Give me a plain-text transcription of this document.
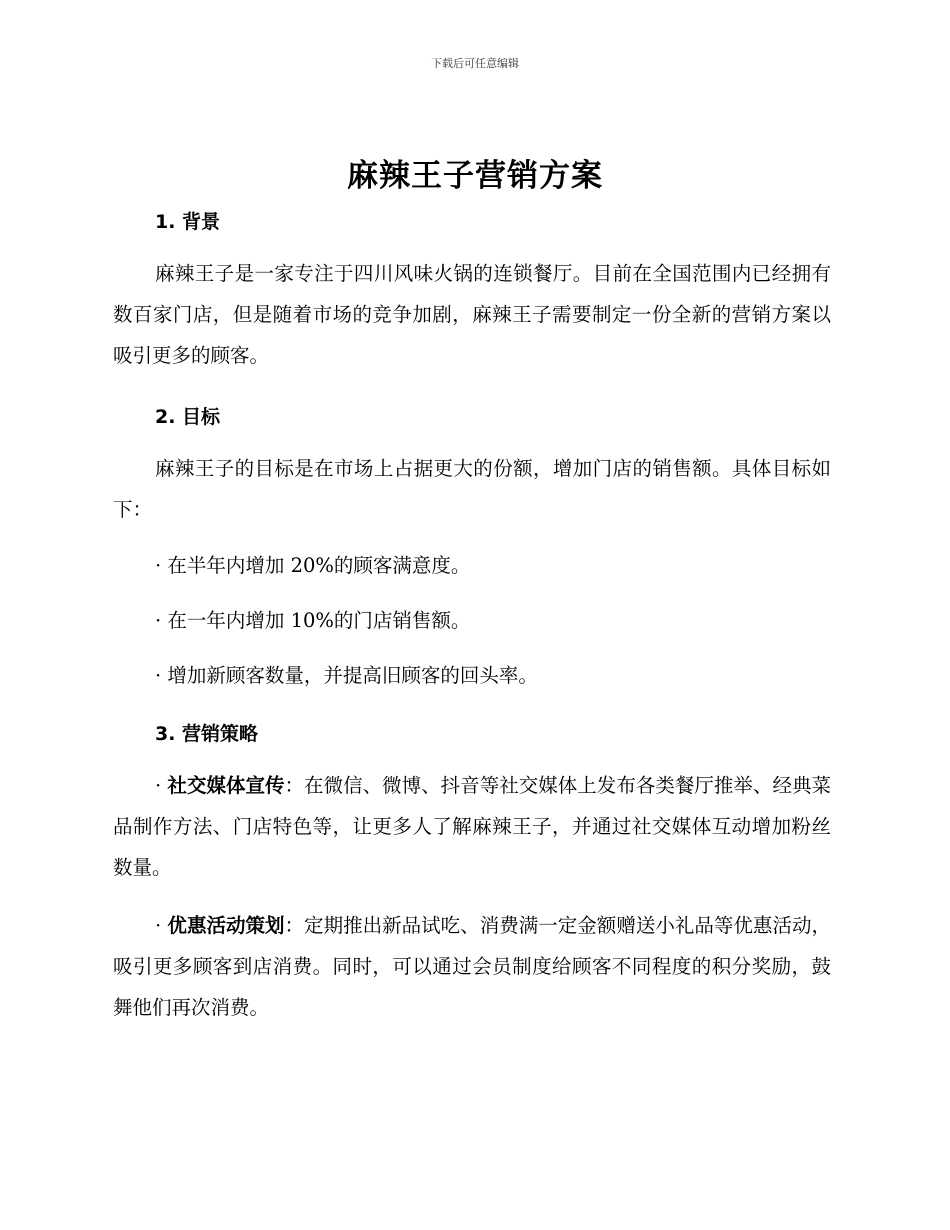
下载后可任意编辑
麻辣王子营销方案
1. 背景
麻辣王子是一家专注于四川风味火锅的连锁餐厅。目前在全国范围内已经拥有数百家门店，但是随着市场的竞争加剧，麻辣王子需要制定一份全新的营销方案以吸引更多的顾客。
2. 目标
麻辣王子的目标是在市场上占据更大的份额，增加门店的销售额。具体目标如下：
· 在半年内增加 20%的顾客满意度。
· 在一年内增加 10%的门店销售额。
· 增加新顾客数量，并提高旧顾客的回头率。
3. 营销策略
· 社交媒体宣传：在微信、微博、抖音等社交媒体上发布各类餐厅推举、经典菜品制作方法、门店特色等，让更多人了解麻辣王子，并通过社交媒体互动增加粉丝数量。
· 优惠活动策划：定期推出新品试吃、消费满一定金额赠送小礼品等优惠活动，吸引更多顾客到店消费。同时，可以通过会员制度给顾客不同程度的积分奖励，鼓舞他们再次消费。
